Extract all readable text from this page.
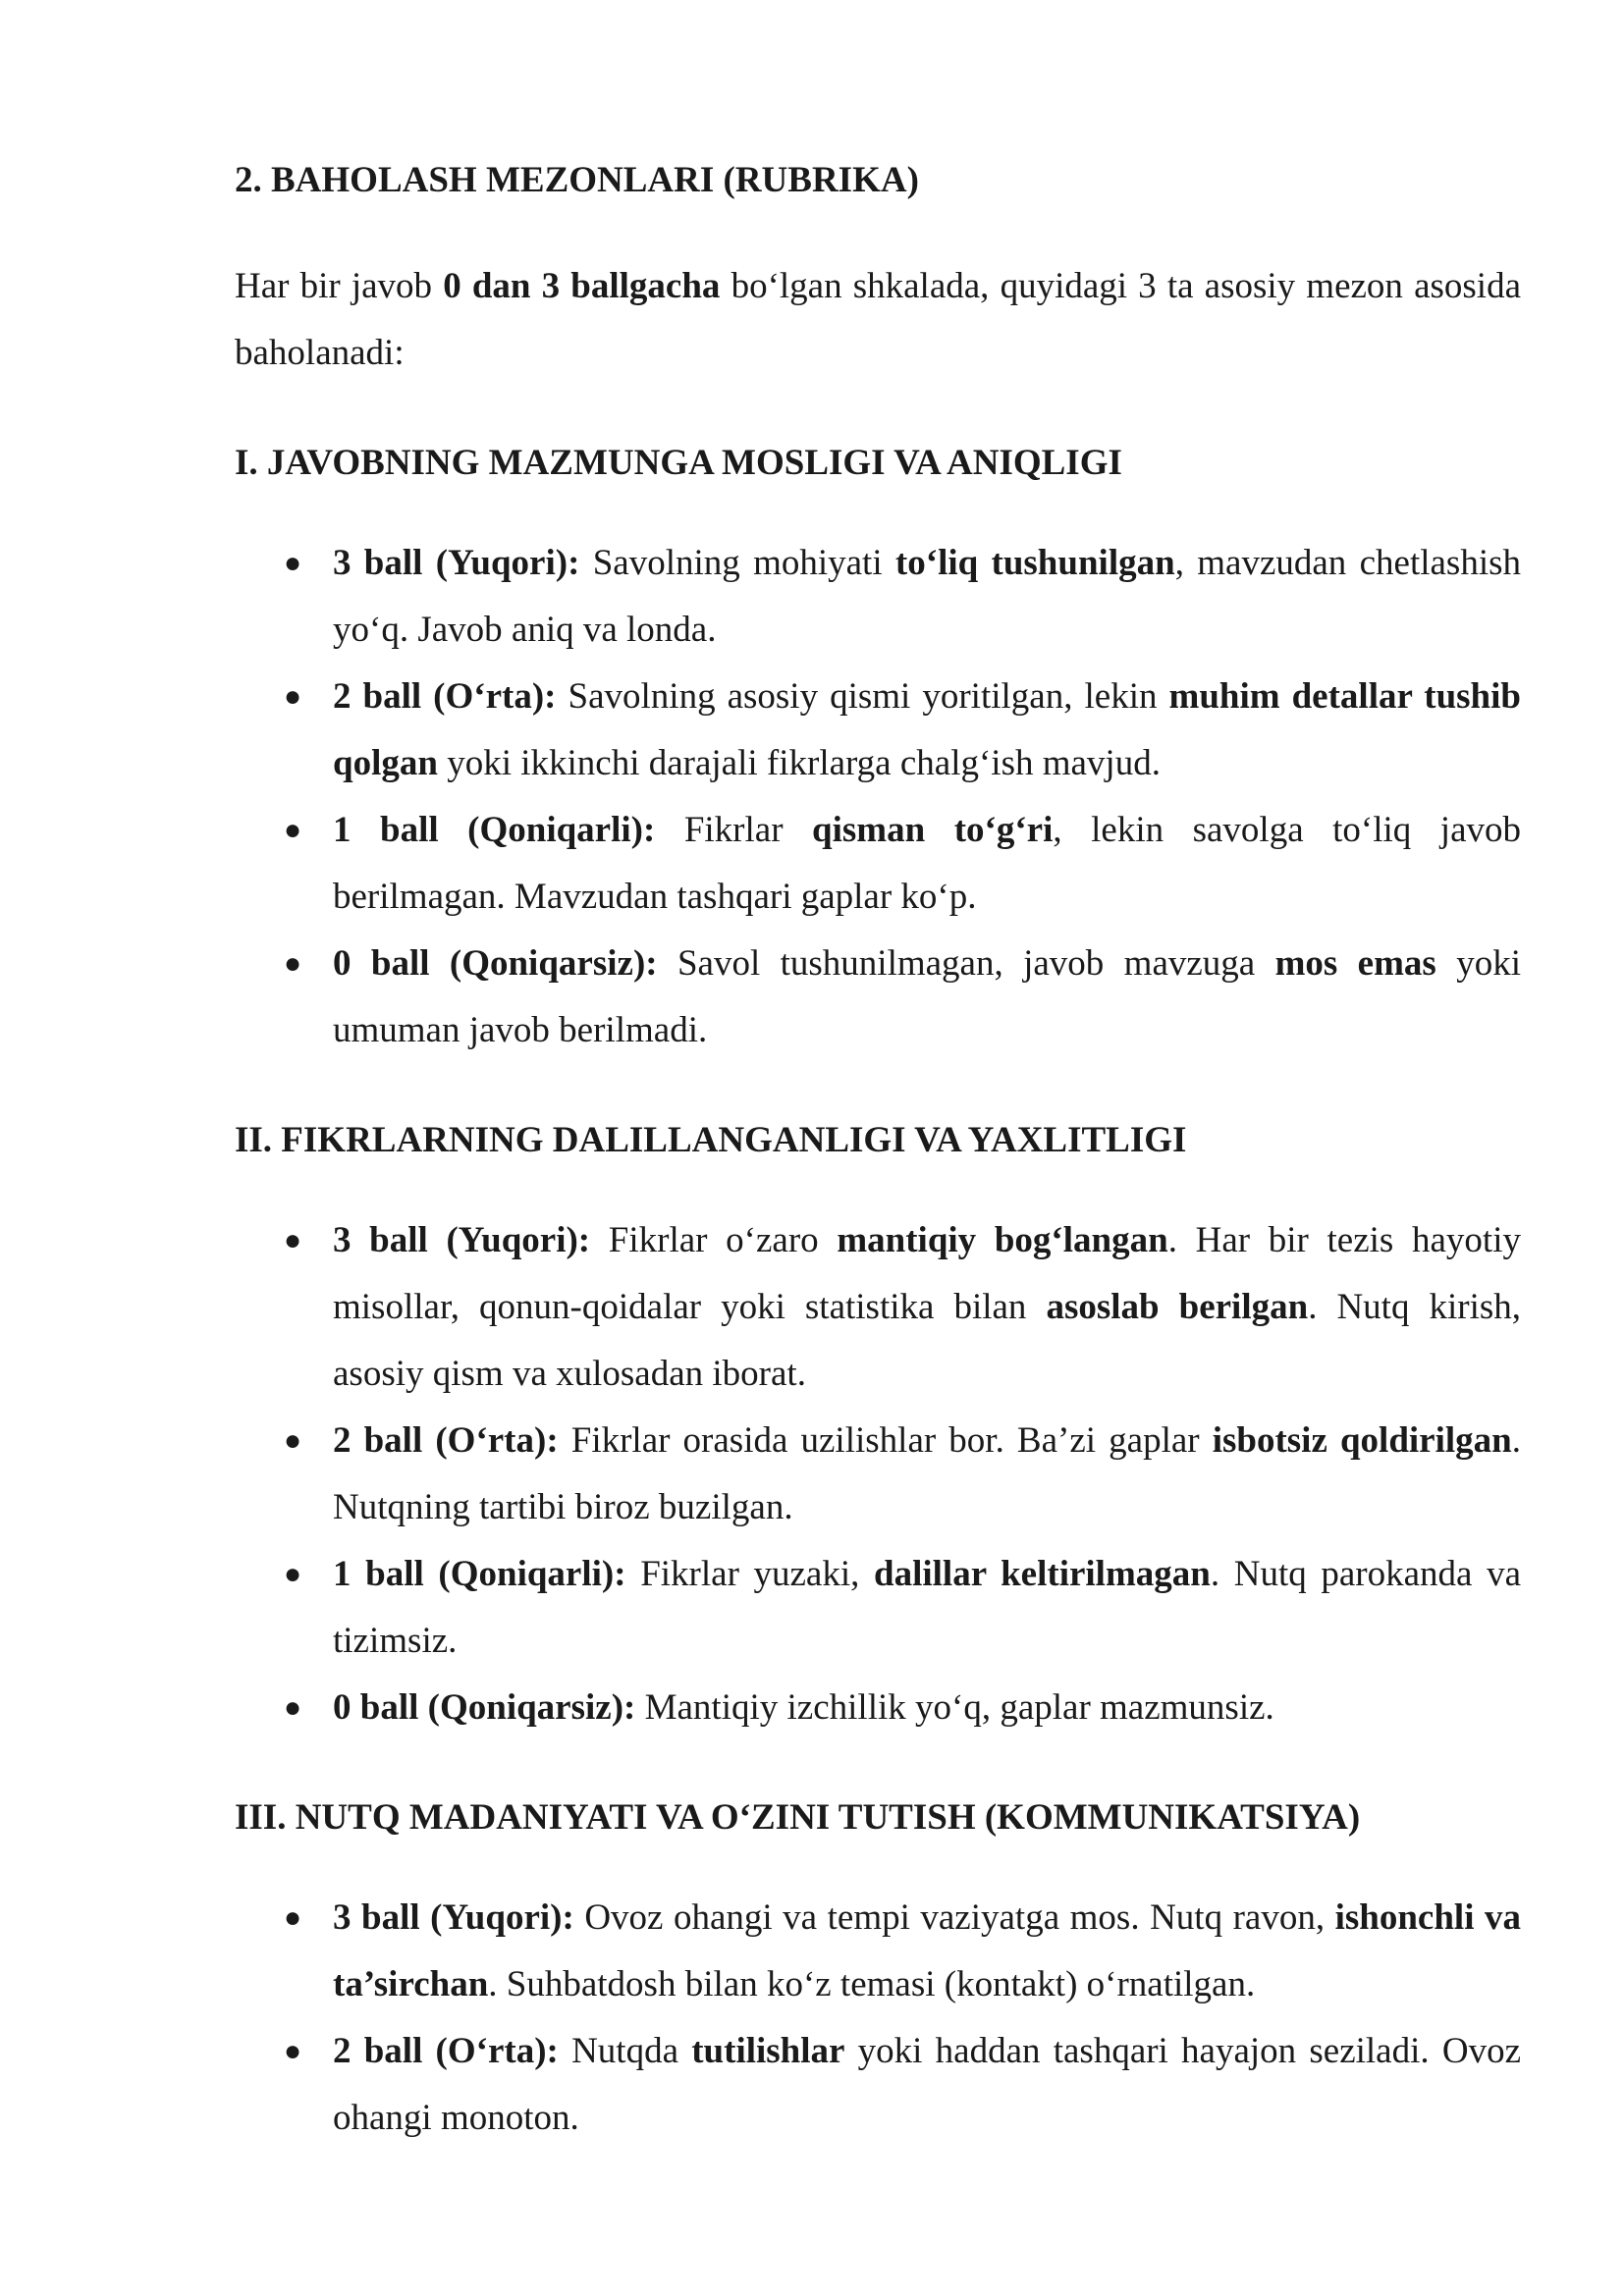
2. BAHOLASH MEZONLARI (RUBRIKA)

Har bir javob 0 dan 3 ballgacha bo‘lgan shkalada, quyidagi 3 ta asosiy mezon asosida baholanadi:

I. JAVOBNING MAZMUNGA MOSLIGI VA ANIQLIGI
● 3 ball (Yuqori): Savolning mohiyati to‘liq tushunilgan, mavzudan chetlashish yo‘q. Javob aniq va londa.
● 2 ball (O‘rta): Savolning asosiy qismi yoritilgan, lekin muhim detallar tushib qolgan yoki ikkinchi darajali fikrlarga chalg‘ish mavjud.
● 1 ball (Qoniqarli): Fikrlar qisman to‘g‘ri, lekin savolga to‘liq javob berilmagan. Mavzudan tashqari gaplar ko‘p.
● 0 ball (Qoniqarsiz): Savol tushunilmagan, javob mavzuga mos emas yoki umuman javob berilmadi.
II. FIKRLARNING DALILLANGANLIGI VA YAXLITLIGI
● 3 ball (Yuqori): Fikrlar o‘zaro mantiqiy bog‘langan. Har bir tezis hayotiy misollar, qonun-qoidalar yoki statistika bilan asoslab berilgan. Nutq kirish, asosiy qism va xulosadan iborat.
● 2 ball (O‘rta): Fikrlar orasida uzilishlar bor. Ba’zi gaplar isbotsiz qoldirilgan. Nutqning tartibi biroz buzilgan.
● 1 ball (Qoniqarli): Fikrlar yuzaki, dalillar keltirilmagan. Nutq parokanda va tizimsiz.
● 0 ball (Qoniqarsiz): Mantiqiy izchillik yo‘q, gaplar mazmunsiz.
III. NUTQ MADANIYATI VA O‘ZINI TUTISH (KOMMUNIKATSIYA)
● 3 ball (Yuqori): Ovoz ohangi va tempi vaziyatga mos. Nutq ravon, ishonchli va ta’sirchan. Suhbatdosh bilan ko‘z temasi (kontakt) o‘rnatilgan.
● 2 ball (O‘rta): Nutqda tutilishlar yoki haddan tashqari hayajon seziladi. Ovoz ohangi monoton.
